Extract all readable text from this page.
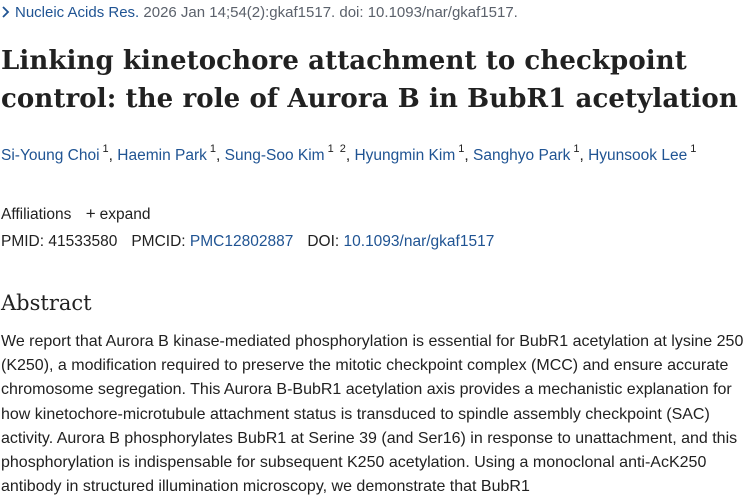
Nucleic Acids Res. 2026 Jan 14;54(2):gkaf1517. doi: 10.1093/nar/gkaf1517.
Linking kinetochore attachment to checkpoint control: the role of Aurora B in BubR1 acetylation
Si-Young Choi $^1$, Haemin Park $^1$, Sung-Soo Kim $^{1 2}$, Hyungmin Kim $^1$, Sanghyo Park $^1$, Hyunsook Lee $^1$
Affiliations + expand
PMID: 41533580 PMCID: PMC12802887 DOI: 10.1093/nar/gkaf1517
Abstract

We report that Aurora B kinase-mediated phosphorylation is essential for BubR1 acetylation at lysine 250 (K250), a modification required to preserve the mitotic checkpoint complex (MCC) and ensure accurate chromosome segregation. This Aurora B-BubR1 acetylation axis provides a mechanistic explanation for how kinetochore-microtubule attachment status is transduced to spindle assembly checkpoint (SAC) activity. Aurora B phosphorylates BubR1 at Serine 39 (and Ser16) in response to unattachment, and this phosphorylation is indispensable for subsequent K250 acetylation. Using a monoclonal anti-AcK250 antibody in structured illumination microscopy, we demonstrate that BubR1
